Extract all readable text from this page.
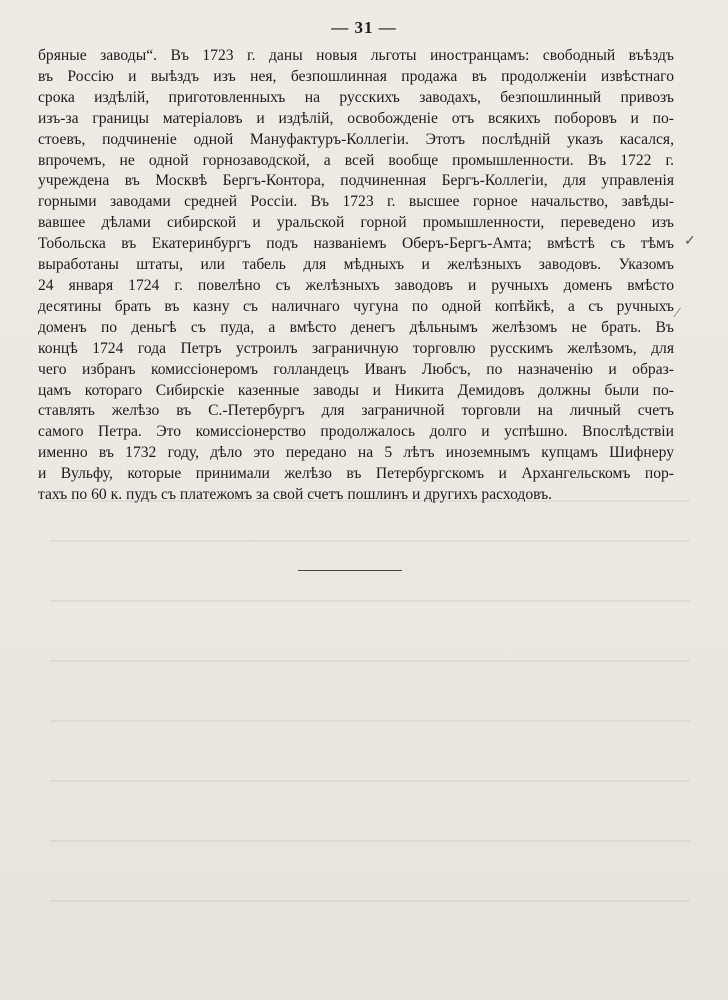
— 31 —
бряные заводы“. Въ 1723 г. даны новыя льготы иностранцамъ: свободный въѣздъ
въ Россію и выѣздъ изъ нея, безпошлинная продажа въ продолженіи извѣстнаго
срока издѣлій, приготовленныхъ на русскихъ заводахъ, безпошлинный привозъ
изъ-за границы матеріаловъ и издѣлій, освобожденіе отъ всякихъ поборовъ и по-
стоевъ, подчиненіе одной Мануфактуръ-Коллегіи. Этотъ послѣдній указъ касался,
впрочемъ, не одной горнозаводской, а всей вообще промышленности. Въ 1722 г.
учреждена въ Москвѣ Бергъ-Контора, подчиненная Бергъ-Коллегіи, для управленія
горными заводами средней Россіи. Въ 1723 г. высшее горное начальство, завѣды-
вавшее дѣлами сибирской и уральской горной промышленности, переведено изъ
Тобольска въ Екатеринбургъ подъ названіемъ Оберъ-Бергъ-Амта; вмѣстѣ съ тѣмъ
выработаны штаты, или табель для мѣдныхъ и желѣзныхъ заводовъ. Указомъ
24 января 1724 г. повелѣно съ желѣзныхъ заводовъ и ручныхъ доменъ вмѣсто
десятины брать въ казну съ наличнаго чугуна по одной копѣйкѣ, а съ ручныхъ
доменъ по деньгѣ съ пуда, а вмѣсто денегъ дѣльнымъ желѣзомъ не брать. Въ
концѣ 1724 года Петръ устроилъ заграничную торговлю русскимъ желѣзомъ, для
чего избранъ комиссіонеромъ голландецъ Иванъ Любсъ, по назначенію и образ-
цамъ котораго Сибирскіе казенные заводы и Никита Демидовъ должны были по-
ставлять желѣзо въ С.-Петербургъ для заграничной торговли на личный счетъ
самого Петра. Это комиссіонерство продолжалось долго и успѣшно. Впослѣдствіи
именно въ 1732 году, дѣло это передано на 5 лѣтъ иноземнымъ купцамъ Шифнеру
и Вульфу, которые принимали желѣзо въ Петербургскомъ и Архангельскомъ пор-
тахъ по 60 к. пудъ съ платежомъ за свой счетъ пошлинъ и другихъ расходовъ.
✓
⁄
